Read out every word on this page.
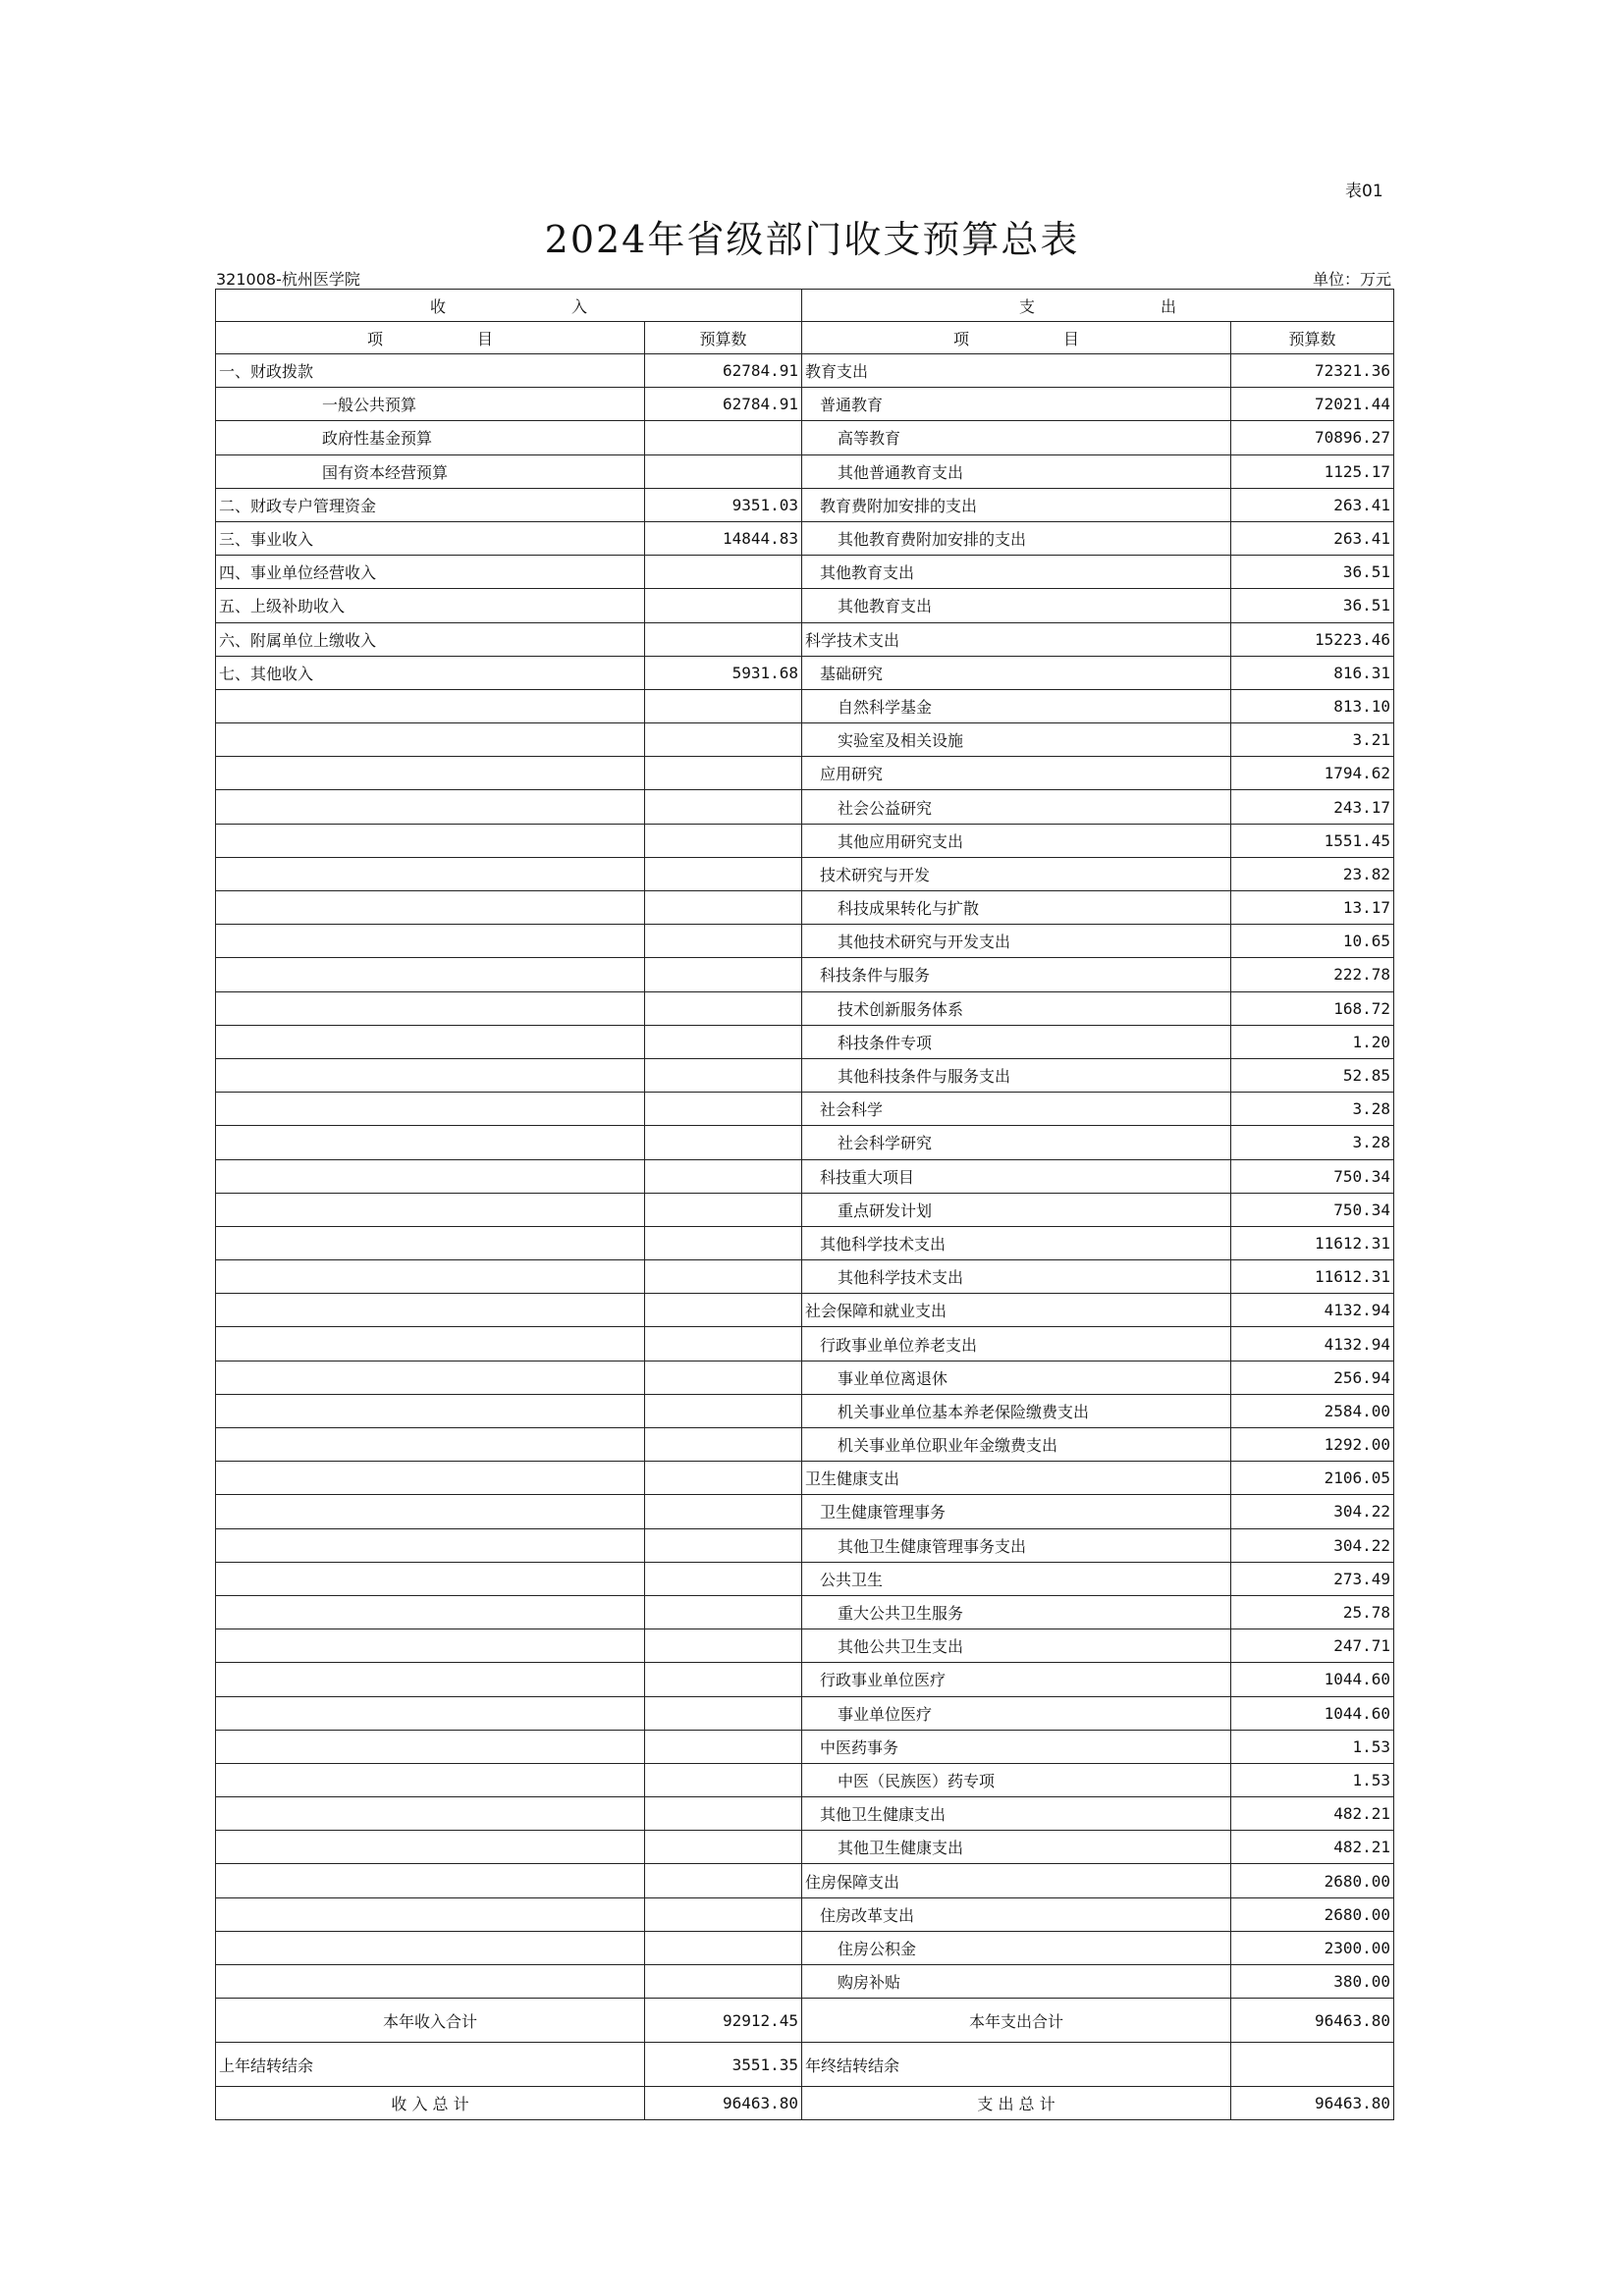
表01
2024年省级部门收支预算总表
321008-杭州医学院	单位：万元
收　　　　　　　　入		支　　　　　　　　出	
项　　　　　　目	预算数	项　　　　　　目	预算数
一、财政拨款	62784.91	教育支出	72321.36
一般公共预算	62784.91	普通教育	72021.44
政府性基金预算		高等教育	70896.27
国有资本经营预算		其他普通教育支出	1125.17
二、财政专户管理资金	9351.03	教育费附加安排的支出	263.41
三、事业收入	14844.83	其他教育费附加安排的支出	263.41
四、事业单位经营收入		其他教育支出	36.51
五、上级补助收入		其他教育支出	36.51
六、附属单位上缴收入		科学技术支出	15223.46
七、其他收入	5931.68	基础研究	816.31
		自然科学基金	813.10
		实验室及相关设施	3.21
		应用研究	1794.62
		社会公益研究	243.17
		其他应用研究支出	1551.45
		技术研究与开发	23.82
		科技成果转化与扩散	13.17
		其他技术研究与开发支出	10.65
		科技条件与服务	222.78
		技术创新服务体系	168.72
		科技条件专项	1.20
		其他科技条件与服务支出	52.85
		社会科学	3.28
		社会科学研究	3.28
		科技重大项目	750.34
		重点研发计划	750.34
		其他科学技术支出	11612.31
		其他科学技术支出	11612.31
		社会保障和就业支出	4132.94
		行政事业单位养老支出	4132.94
		事业单位离退休	256.94
		机关事业单位基本养老保险缴费支出	2584.00
		机关事业单位职业年金缴费支出	1292.00
		卫生健康支出	2106.05
		卫生健康管理事务	304.22
		其他卫生健康管理事务支出	304.22
		公共卫生	273.49
		重大公共卫生服务	25.78
		其他公共卫生支出	247.71
		行政事业单位医疗	1044.60
		事业单位医疗	1044.60
		中医药事务	1.53
		中医（民族医）药专项	1.53
		其他卫生健康支出	482.21
		其他卫生健康支出	482.21
		住房保障支出	2680.00
		住房改革支出	2680.00
		住房公积金	2300.00
		购房补贴	380.00
本年收入合计	92912.45	本年支出合计	96463.80
上年结转结余	3551.35	年终结转结余	
收 入 总 计	96463.80	支 出 总 计	96463.80
